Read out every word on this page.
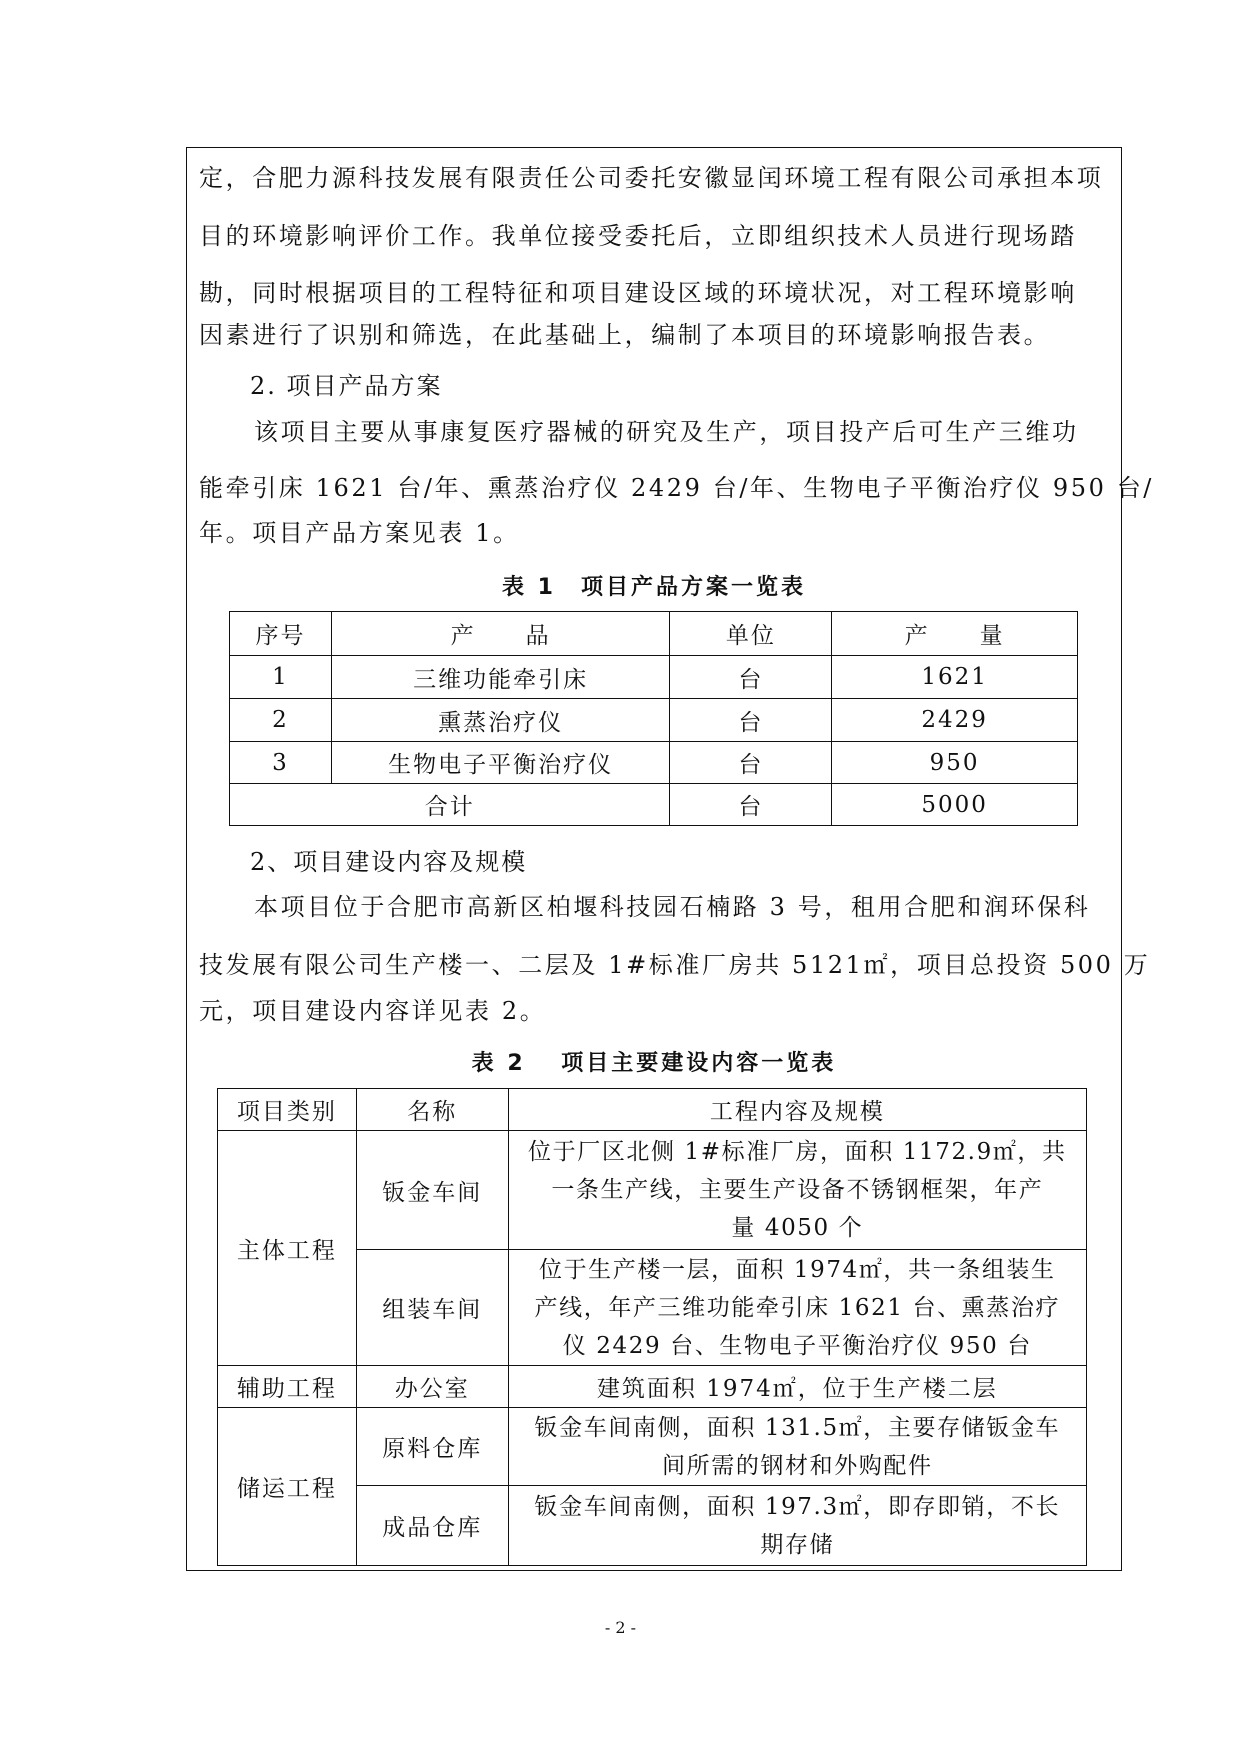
定，合肥力源科技发展有限责任公司委托安徽显闰环境工程有限公司承担本项
目的环境影响评价工作。我单位接受委托后，立即组织技术人员进行现场踏
勘，同时根据项目的工程特征和项目建设区域的环境状况，对工程环境影响
因素进行了识别和筛选，在此基础上，编制了本项目的环境影响报告表。
2. 项目产品方案
该项目主要从事康复医疗器械的研究及生产，项目投产后可生产三维功
能牵引床 1621 台/年、熏蒸治疗仪 2429 台/年、生物电子平衡治疗仪 950 台/
年。项目产品方案见表 1。
表 1　项目产品方案一览表
序号	产　　品	单位	产　　量
1	三维功能牵引床	台	1621
2	熏蒸治疗仪	台	2429
3	生物电子平衡治疗仪	台	950
合计		台	5000
2、项目建设内容及规模
本项目位于合肥市高新区柏堰科技园石楠路 3 号，租用合肥和润环保科
技发展有限公司生产楼一、二层及 1#标准厂房共 5121㎡，项目总投资 500 万
元，项目建设内容详见表 2。
表 2　 项目主要建设内容一览表
项目类别	名称	工程内容及规模
主体工程	钣金车间	位于厂区北侧 1#标准厂房，面积 1172.9㎡，共
一条生产线，主要生产设备不锈钢框架，年产
量 4050 个

	组装车间	位于生产楼一层，面积 1974㎡，共一条组装生
产线，年产三维功能牵引床 1621 台、熏蒸治疗
仪 2429 台、生物电子平衡治疗仪 950 台

辅助工程	办公室	建筑面积 1974㎡，位于生产楼二层
储运工程	原料仓库	钣金车间南侧，面积 131.5㎡，主要存储钣金车
间所需的钢材和外购配件

	成品仓库	钣金车间南侧，面积 197.3㎡，即存即销，不长
期存储
- 2 -
